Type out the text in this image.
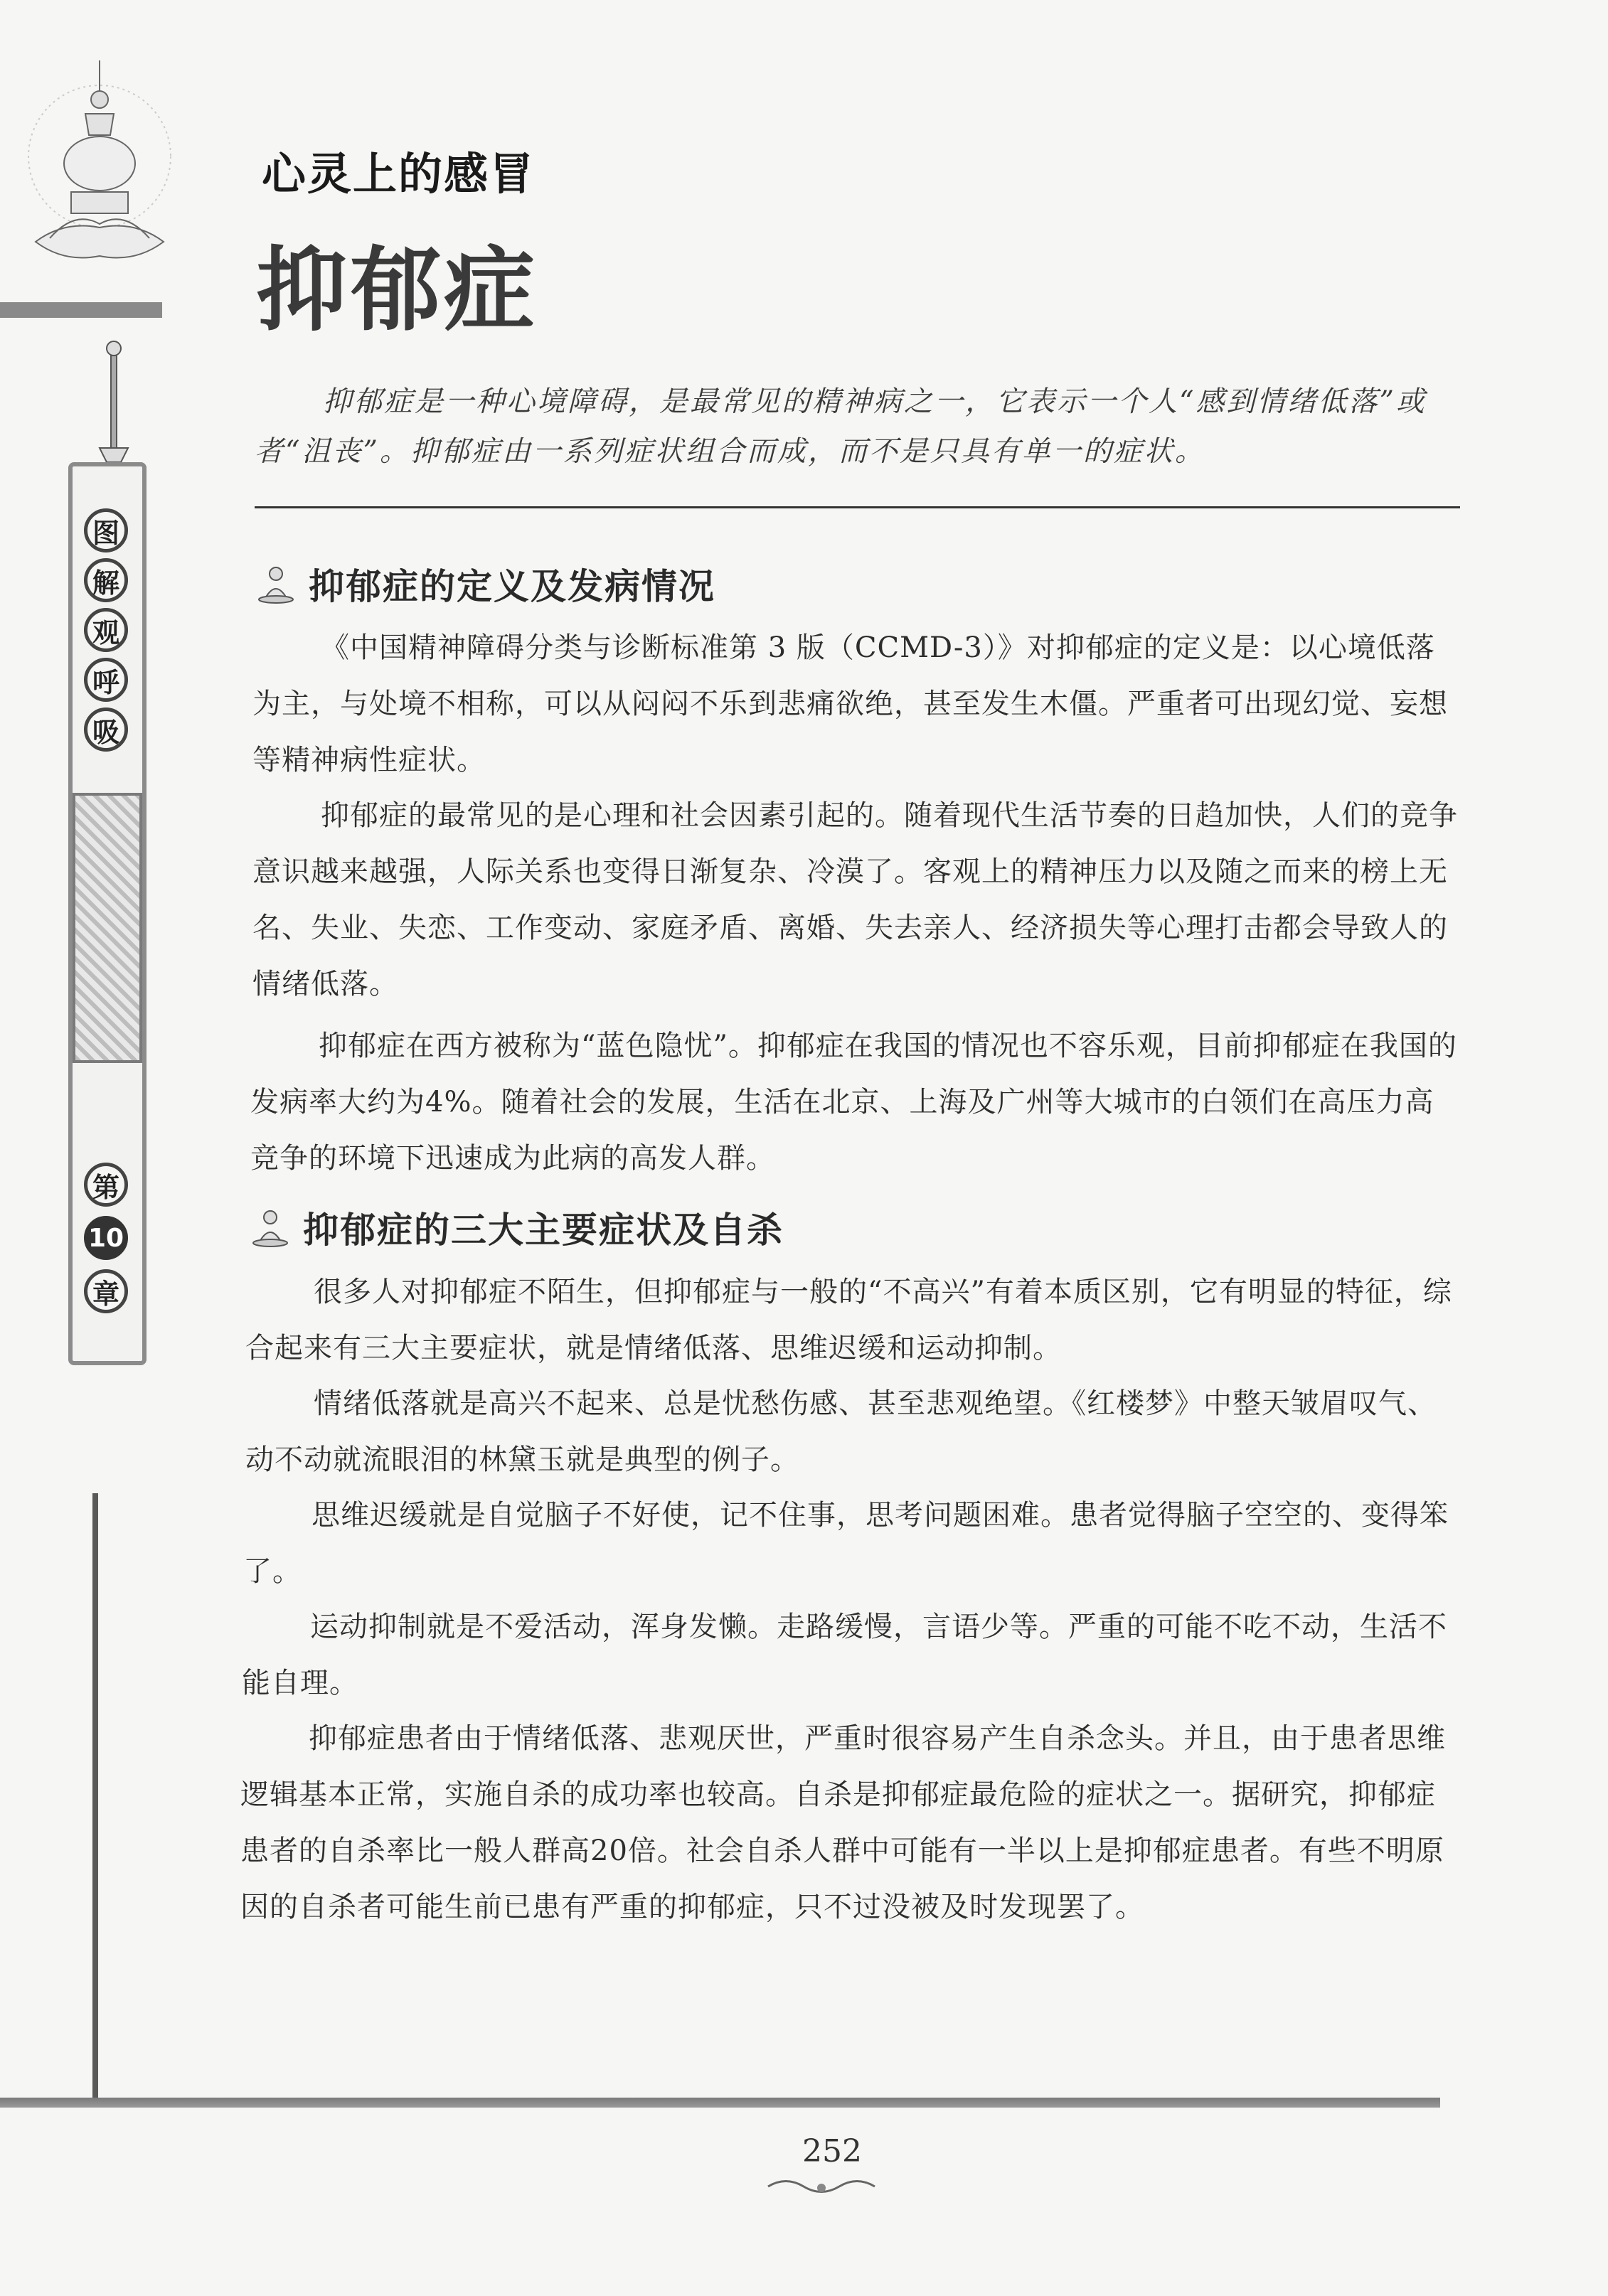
图
解
观
呼
吸
第
10
章
心灵上的感冒
抑郁症
抑郁症是一种心境障碍，是最常见的精神病之一，它表示一个人“感到情绪低落”或者“沮丧”。抑郁症由一系列症状组合而成，而不是只具有单一的症状。
抑郁症的定义及发病情况
《中国精神障碍分类与诊断标准第 3 版（CCMD-3）》对抑郁症的定义是：以心境低落为主，与处境不相称，可以从闷闷不乐到悲痛欲绝，甚至发生木僵。严重者可出现幻觉、妄想等精神病性症状。
抑郁症的最常见的是心理和社会因素引起的。随着现代生活节奏的日趋加快，人们的竞争意识越来越强，人际关系也变得日渐复杂、冷漠了。客观上的精神压力以及随之而来的榜上无名、失业、失恋、工作变动、家庭矛盾、离婚、失去亲人、经济损失等心理打击都会导致人的情绪低落。
抑郁症在西方被称为“蓝色隐忧”。抑郁症在我国的情况也不容乐观，目前抑郁症在我国的发病率大约为4%。随着社会的发展，生活在北京、上海及广州等大城市的白领们在高压力高竞争的环境下迅速成为此病的高发人群。
抑郁症的三大主要症状及自杀
很多人对抑郁症不陌生，但抑郁症与一般的“不高兴”有着本质区别，它有明显的特征，综合起来有三大主要症状，就是情绪低落、思维迟缓和运动抑制。
情绪低落就是高兴不起来、总是忧愁伤感、甚至悲观绝望。《红楼梦》中整天皱眉叹气、动不动就流眼泪的林黛玉就是典型的例子。
思维迟缓就是自觉脑子不好使，记不住事，思考问题困难。患者觉得脑子空空的、变得笨了。
运动抑制就是不爱活动，浑身发懒。走路缓慢，言语少等。严重的可能不吃不动，生活不能自理。
抑郁症患者由于情绪低落、悲观厌世，严重时很容易产生自杀念头。并且，由于患者思维逻辑基本正常，实施自杀的成功率也较高。自杀是抑郁症最危险的症状之一。据研究，抑郁症患者的自杀率比一般人群高20倍。社会自杀人群中可能有一半以上是抑郁症患者。有些不明原因的自杀者可能生前已患有严重的抑郁症，只不过没被及时发现罢了。
252
